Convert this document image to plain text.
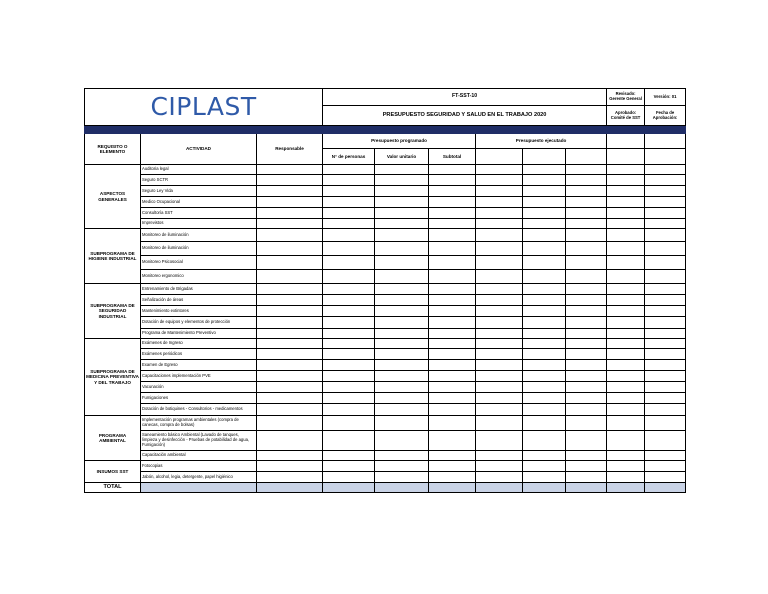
CIPLAST			FT-SST-10						Revisado: Gerente General	Versión: 01
			PRESUPUESTO SEGURIDAD Y SALUD EN EL TRABAJO 2020						Aprobado: Comité de SST	Fecha de Aprobación:

REQUISITO O ELEMENTO	ACTIVIDAD	Responsable	Presupuesto programado			Presupuesto ejecutado				
			N° de personas	Valor unitario	Subtotal					
ASPECTOS GENERALES	Auditoria legal									
	Seguro SCTR									
	Seguro Ley Vida									
	Medico Ocupacional									
	Consultoría SST									
	Imprevistos									
SUBPROGRAMA DE HIGIENE INDUSTRIAL	Monitoreo de iluminación									
	Monitoreo de iluminación									
	Monitoreo Psicosocial									
	Monitoreo ergonomico									
SUBPROGRAMA DE SEGURIDAD INDUSTRIAL	Entrenamiento de Brigadas									
	Señalización de áreas									
	Mantenimiento extintores									
	Dotación de equipos y elementos de protección									
	Programa de Mantenimiento Preventivo									
SUBPROGRAMA DE MEDICINA PREVENTIVA Y DEL TRABAJO	Exámenes de Ingreso									
	Exámenes periódicos									
	Examen de Egreso									
	Capacitaciones implementación PVE									
	Vacunación									
	Fumigaciones									
	Dotación de botiquines - Consultorios - medicamentos									
PROGRAMA AMBIENTAL	Implementación programas ambientales (compra de canecas, compra de bolsas)									
	Saneamiento básico Ambiental (Lavado de tanques, limpieza y desinfección - Pruebas de potabilidad de agua, Fumigación)									
	Capacitación ambiental									
INSUMOS SST	Fotocopias									
	Jabón, alcohol, legia, detergente, papel higiénico									
TOTAL										
